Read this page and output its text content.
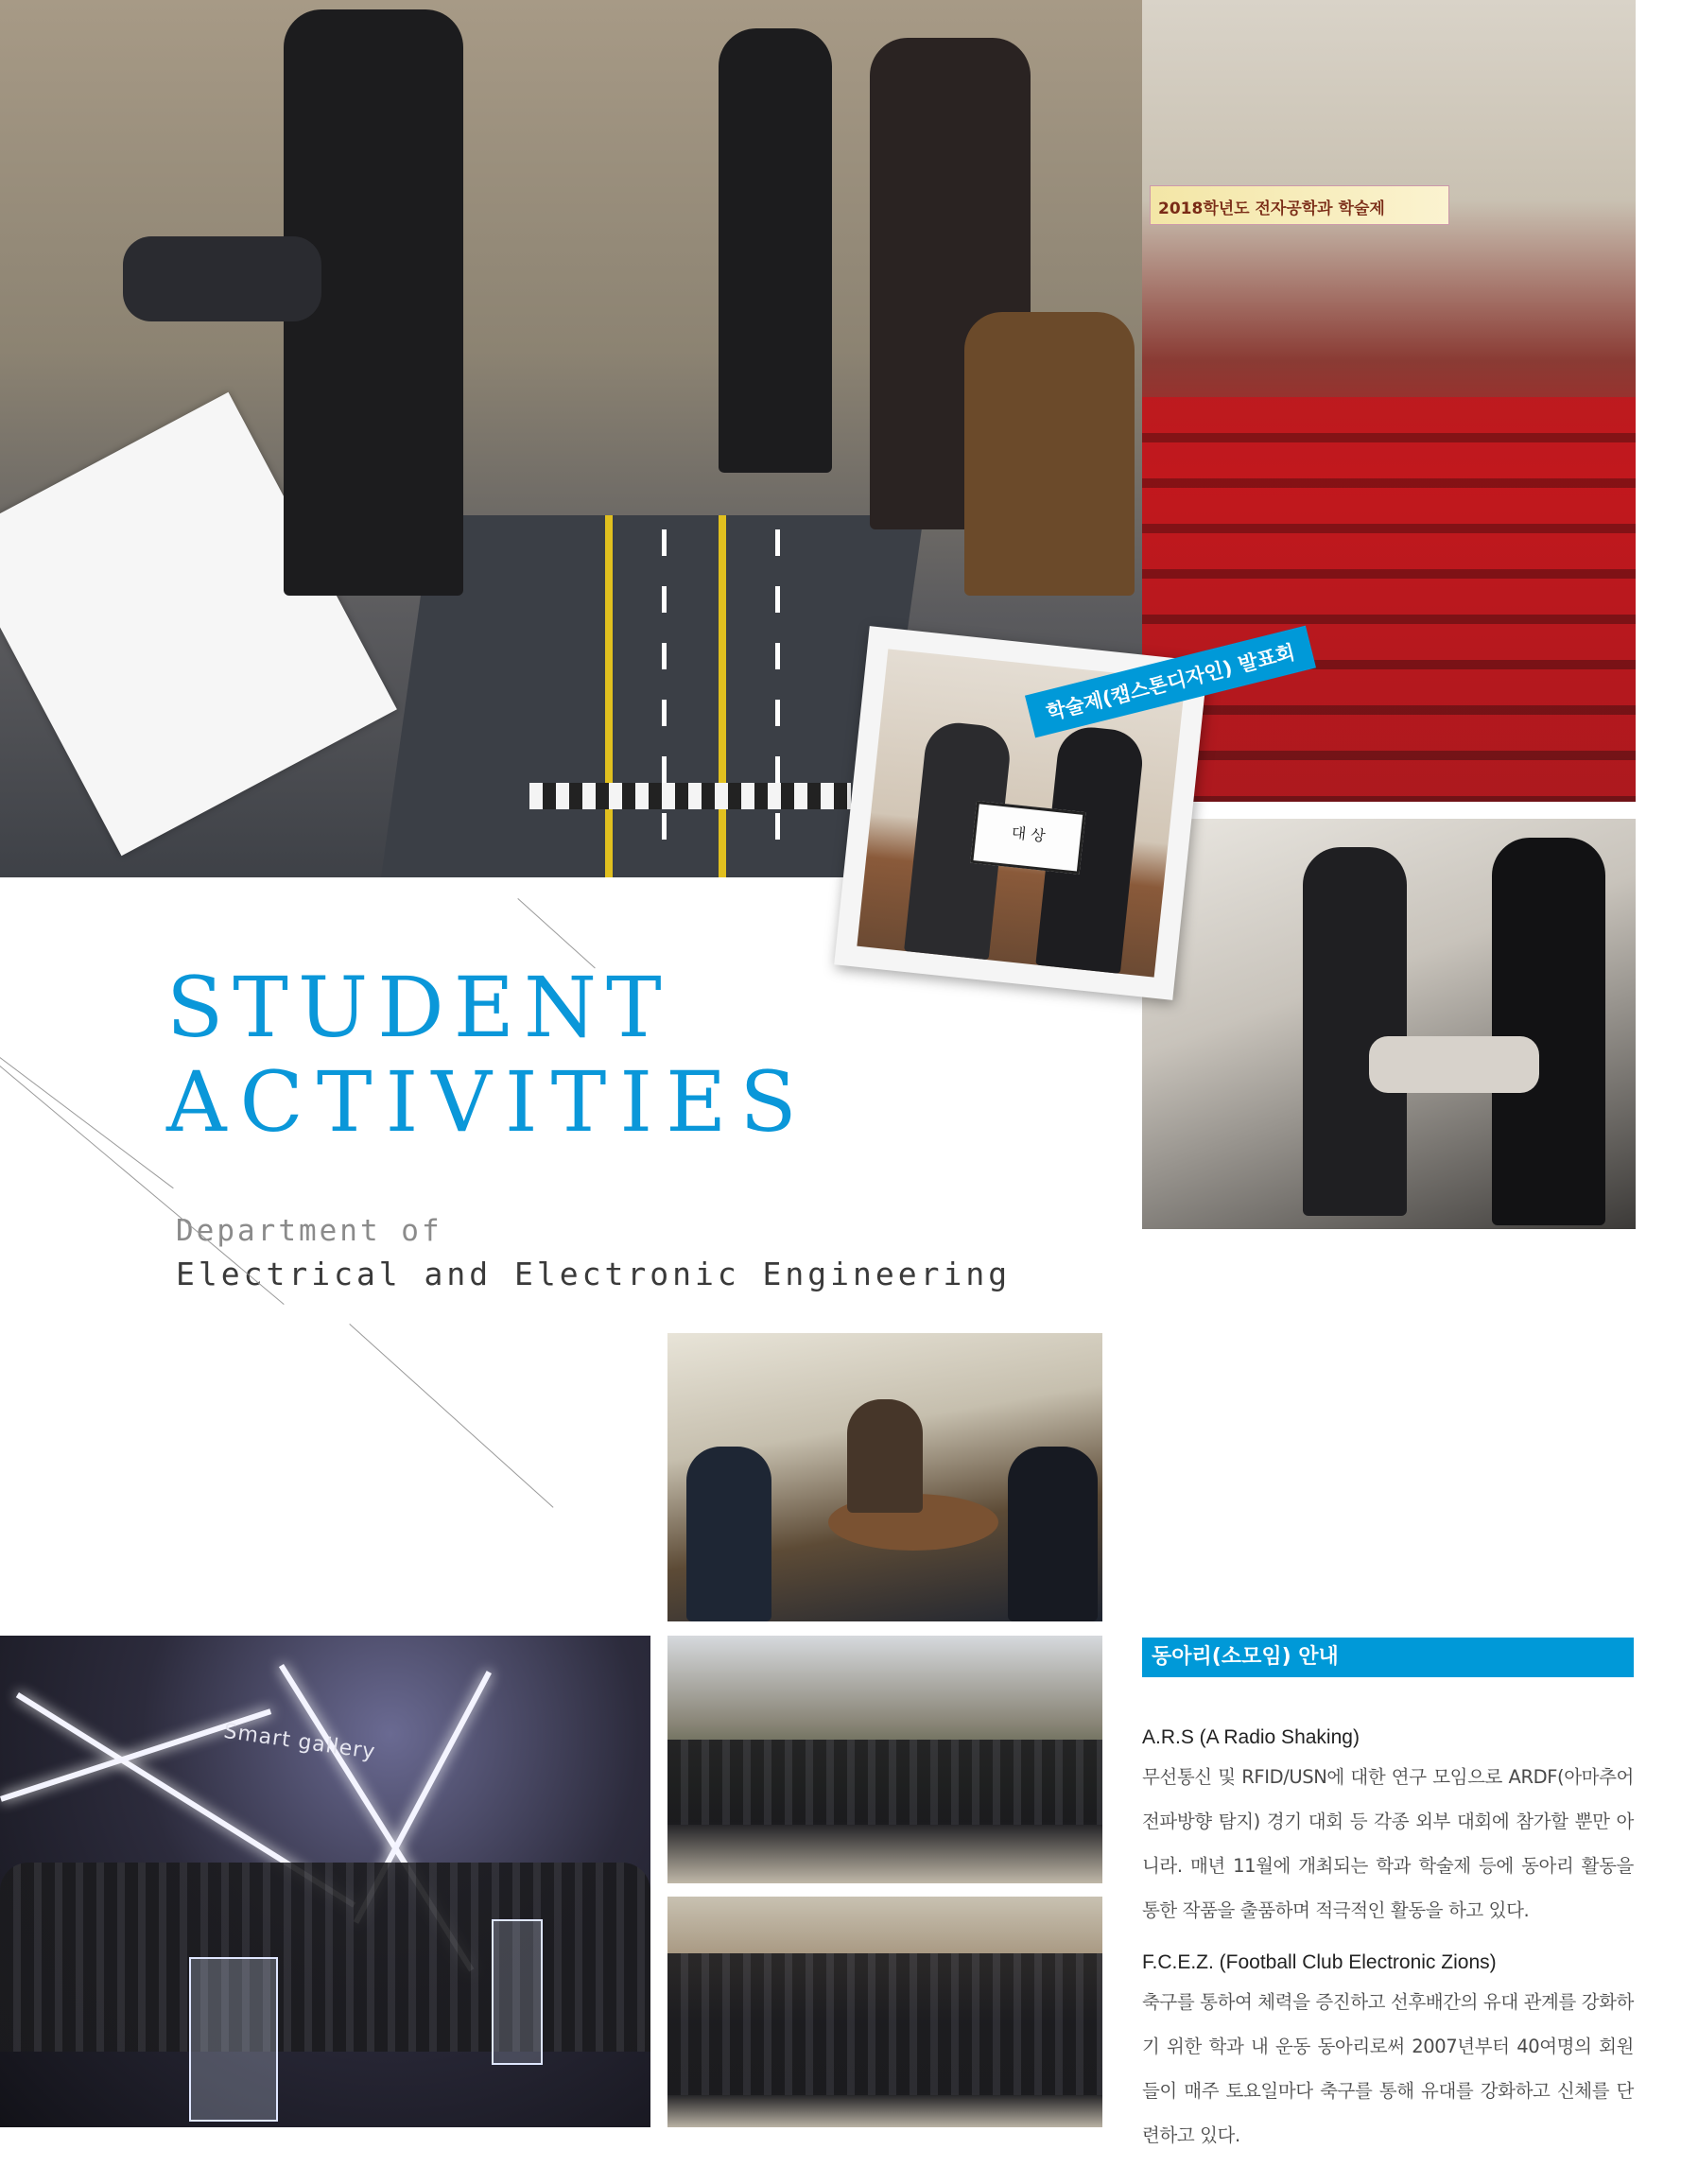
2018학년도 전자공학과 학술제
대 상
학술제(캡스톤디자인) 발표회
STUDENT
ACTIVITIES
Department of
Electrical and Electronic Engineering
Smart gallery
동아리(소모임) 안내
A.R.S (A Radio Shaking)
무선통신 및 RFID/USN에 대한 연구 모임으로 ARDF(아마추어 전파방향 탐지) 경기 대회 등 각종 외부 대회에 참가할 뿐만 아니라. 매년 11월에 개최되는 학과 학술제 등에 동아리 활동을 통한 작품을 출품하며 적극적인 활동을 하고 있다.
F.C.E.Z. (Football Club Electronic Zions)
축구를 통하여 체력을 증진하고 선후배간의 유대 관계를 강화하기 위한 학과 내 운동 동아리로써 2007년부터 40여명의 회원들이 매주 토요일마다 축구를 통해 유대를 강화하고 신체를 단련하고 있다.
